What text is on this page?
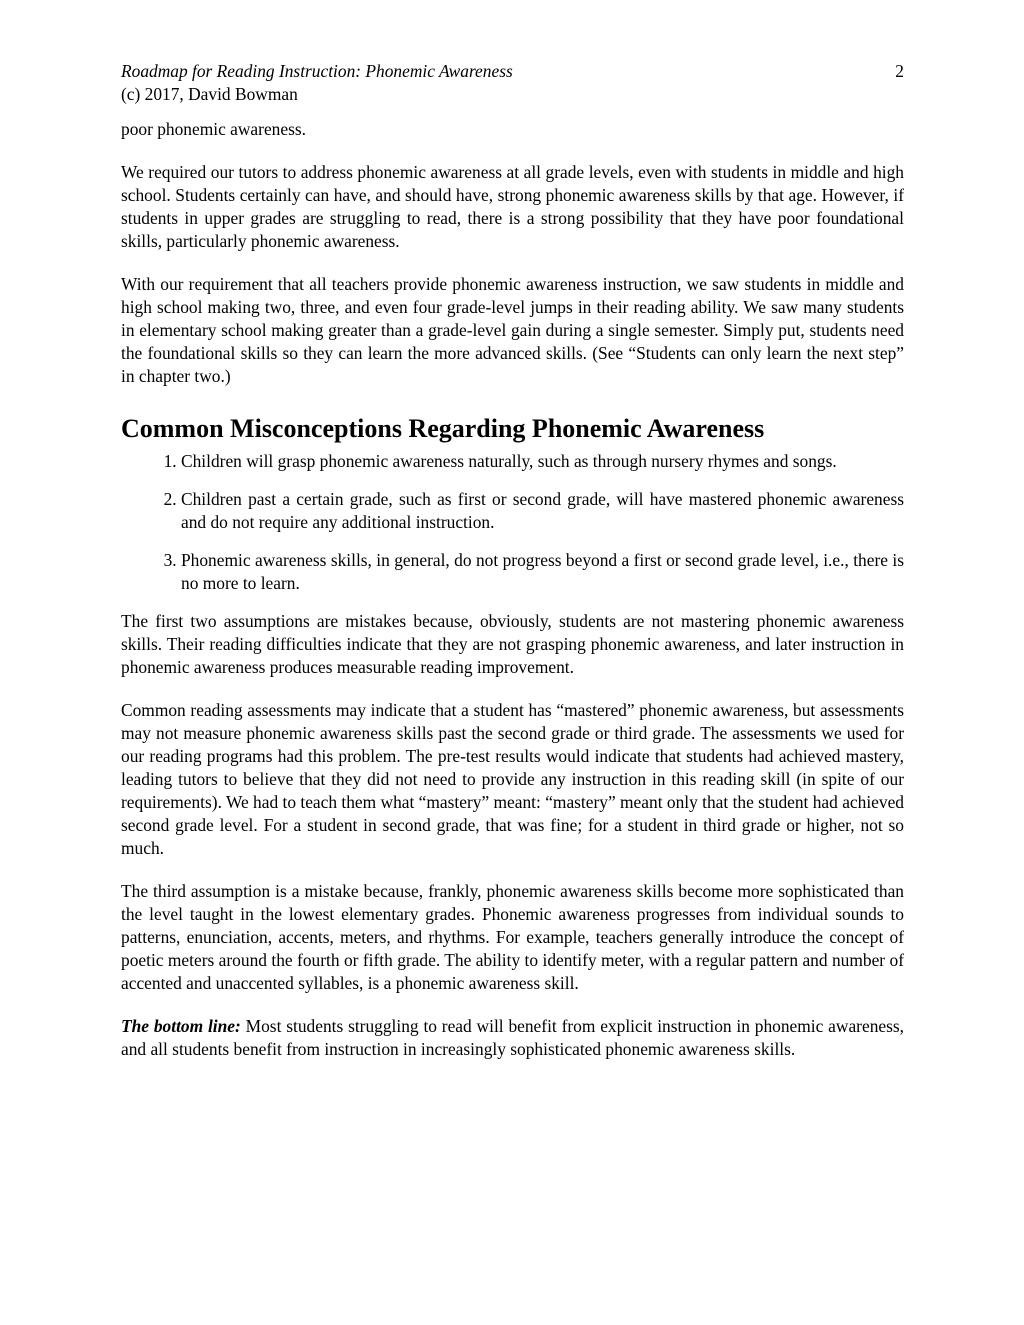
Roadmap for Reading Instruction: Phonemic Awareness	2
(c) 2017, David Bowman

poor phonemic awareness.

We required our tutors to address phonemic awareness at all grade levels, even with students in middle and high school. Students certainly can have, and should have, strong phonemic awareness skills by that age. However, if students in upper grades are struggling to read, there is a strong possibility that they have poor foundational skills, particularly phonemic awareness.

With our requirement that all teachers provide phonemic awareness instruction, we saw students in middle and high school making two, three, and even four grade-level jumps in their reading ability. We saw many students in elementary school making greater than a grade-level gain during a single semester. Simply put, students need the foundational skills so they can learn the more advanced skills. (See “Students can only learn the next step” in chapter two.)

Common Misconceptions Regarding Phonemic Awareness
1. Children will grasp phonemic awareness naturally, such as through nursery rhymes and songs.
2. Children past a certain grade, such as first or second grade, will have mastered phonemic awareness and do not require any additional instruction.
3. Phonemic awareness skills, in general, do not progress beyond a first or second grade level, i.e., there is no more to learn.

The first two assumptions are mistakes because, obviously, students are not mastering phonemic awareness skills. Their reading difficulties indicate that they are not grasping phonemic awareness, and later instruction in phonemic awareness produces measurable reading improvement.

Common reading assessments may indicate that a student has “mastered” phonemic awareness, but assessments may not measure phonemic awareness skills past the second grade or third grade. The assessments we used for our reading programs had this problem. The pre-test results would indicate that students had achieved mastery, leading tutors to believe that they did not need to provide any instruction in this reading skill (in spite of our requirements). We had to teach them what “mastery” meant: “mastery” meant only that the student had achieved second grade level. For a student in second grade, that was fine; for a student in third grade or higher, not so much.

The third assumption is a mistake because, frankly, phonemic awareness skills become more sophisticated than the level taught in the lowest elementary grades. Phonemic awareness progresses from individual sounds to patterns, enunciation, accents, meters, and rhythms. For example, teachers generally introduce the concept of poetic meters around the fourth or fifth grade. The ability to identify meter, with a regular pattern and number of accented and unaccented syllables, is a phonemic awareness skill.

The bottom line: Most students struggling to read will benefit from explicit instruction in phonemic awareness, and all students benefit from instruction in increasingly sophisticated phonemic awareness skills.
